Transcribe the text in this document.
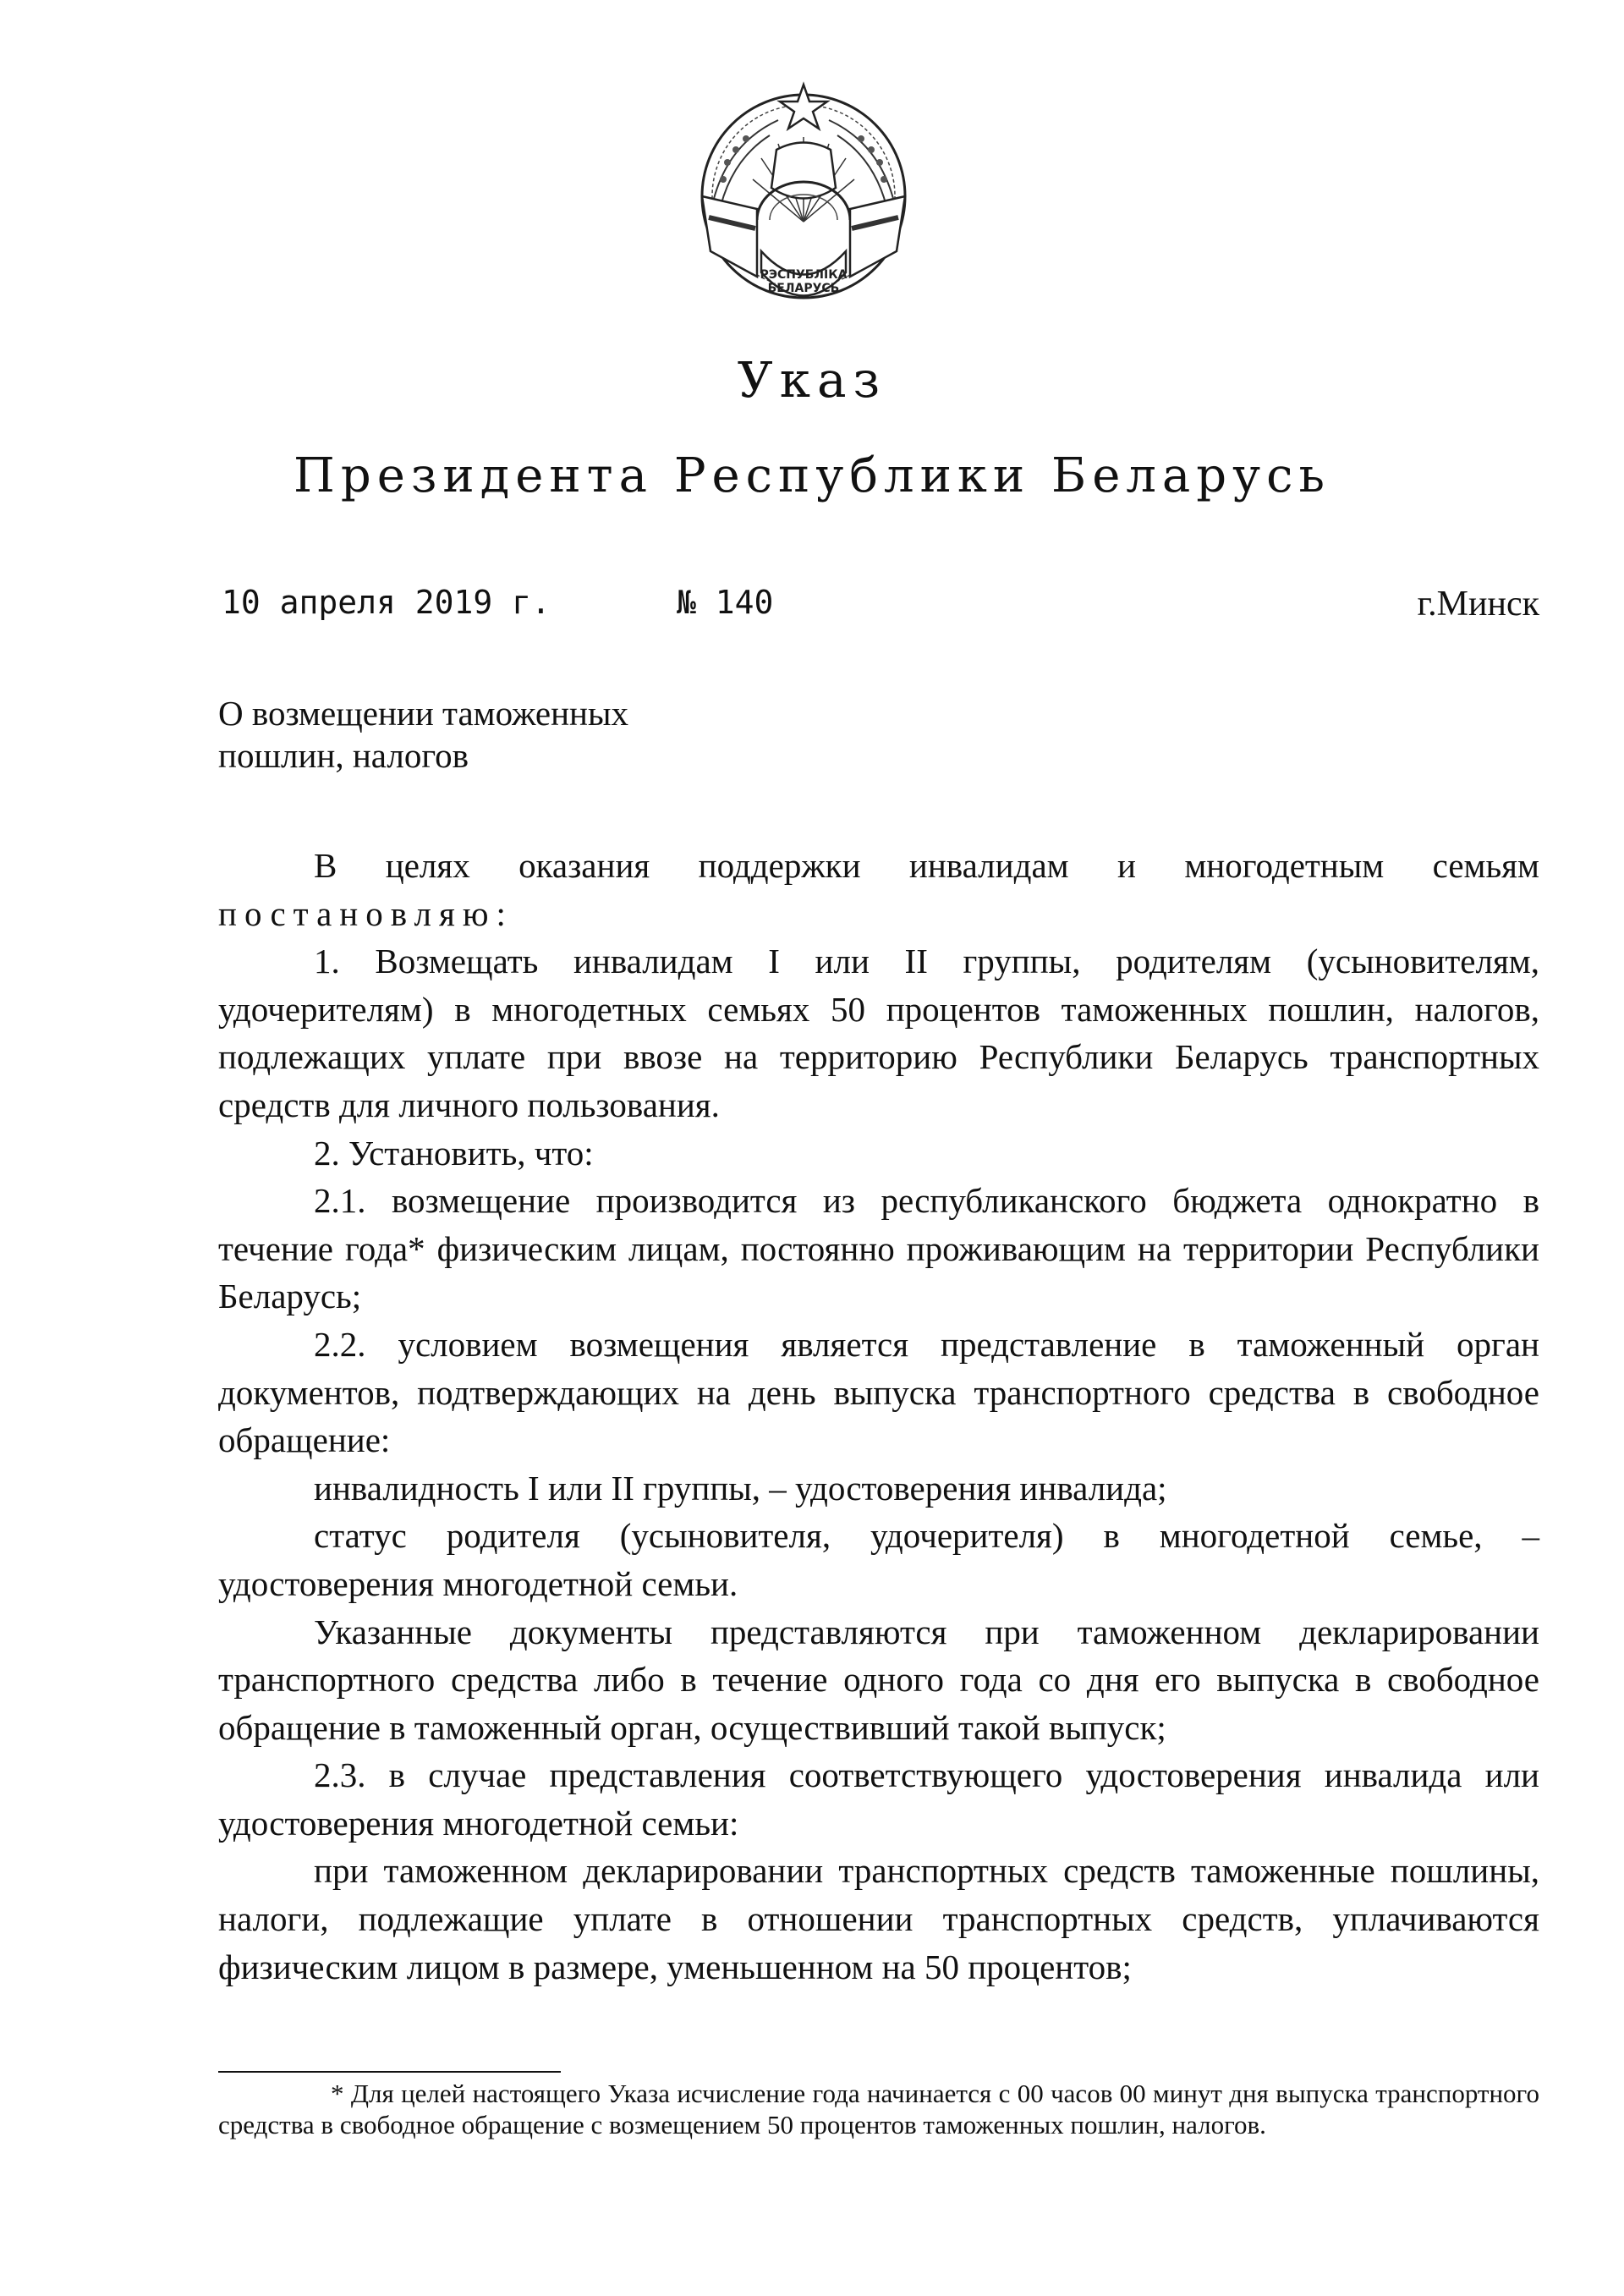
РЭСПУБЛІКА
БЕЛАРУСЬ
Указ
Президента Республики Беларусь
10 апреля 2019 г.	№ 140	г.Минск
О возмещении таможенных
пошлин, налогов

В целях оказания поддержки инвалидам и многодетным семьям постановляю:

1. Возмещать инвалидам I или II группы, родителям (усыновителям, удочерителям) в многодетных семьях 50 процентов таможенных пошлин, налогов, подлежащих уплате при ввозе на территорию Республики Беларусь транспортных средств для личного пользования.

2. Установить, что:

2.1. возмещение производится из республиканского бюджета однократно в течение года* физическим лицам, постоянно проживающим на территории Республики Беларусь;

2.2. условием возмещения является представление в таможенный орган документов, подтверждающих на день выпуска транспортного средства в свободное обращение:

инвалидность I или II группы, – удостоверения инвалида;

статус родителя (усыновителя, удочерителя) в многодетной семье, – удостоверения многодетной семьи.

Указанные документы представляются при таможенном декларировании транспортного средства либо в течение одного года со дня его выпуска в свободное обращение в таможенный орган, осуществивший такой выпуск;

2.3. в случае представления соответствующего удостоверения инвалида или удостоверения многодетной семьи:

при таможенном декларировании транспортных средств таможенные пошлины, налоги, подлежащие уплате в отношении транспортных средств, уплачиваются физическим лицом в размере, уменьшенном на 50 процентов;

* Для целей настоящего Указа исчисление года начинается с 00 часов 00 минут дня выпуска транспортного средства в свободное обращение с возмещением 50 процентов таможенных пошлин, налогов.
